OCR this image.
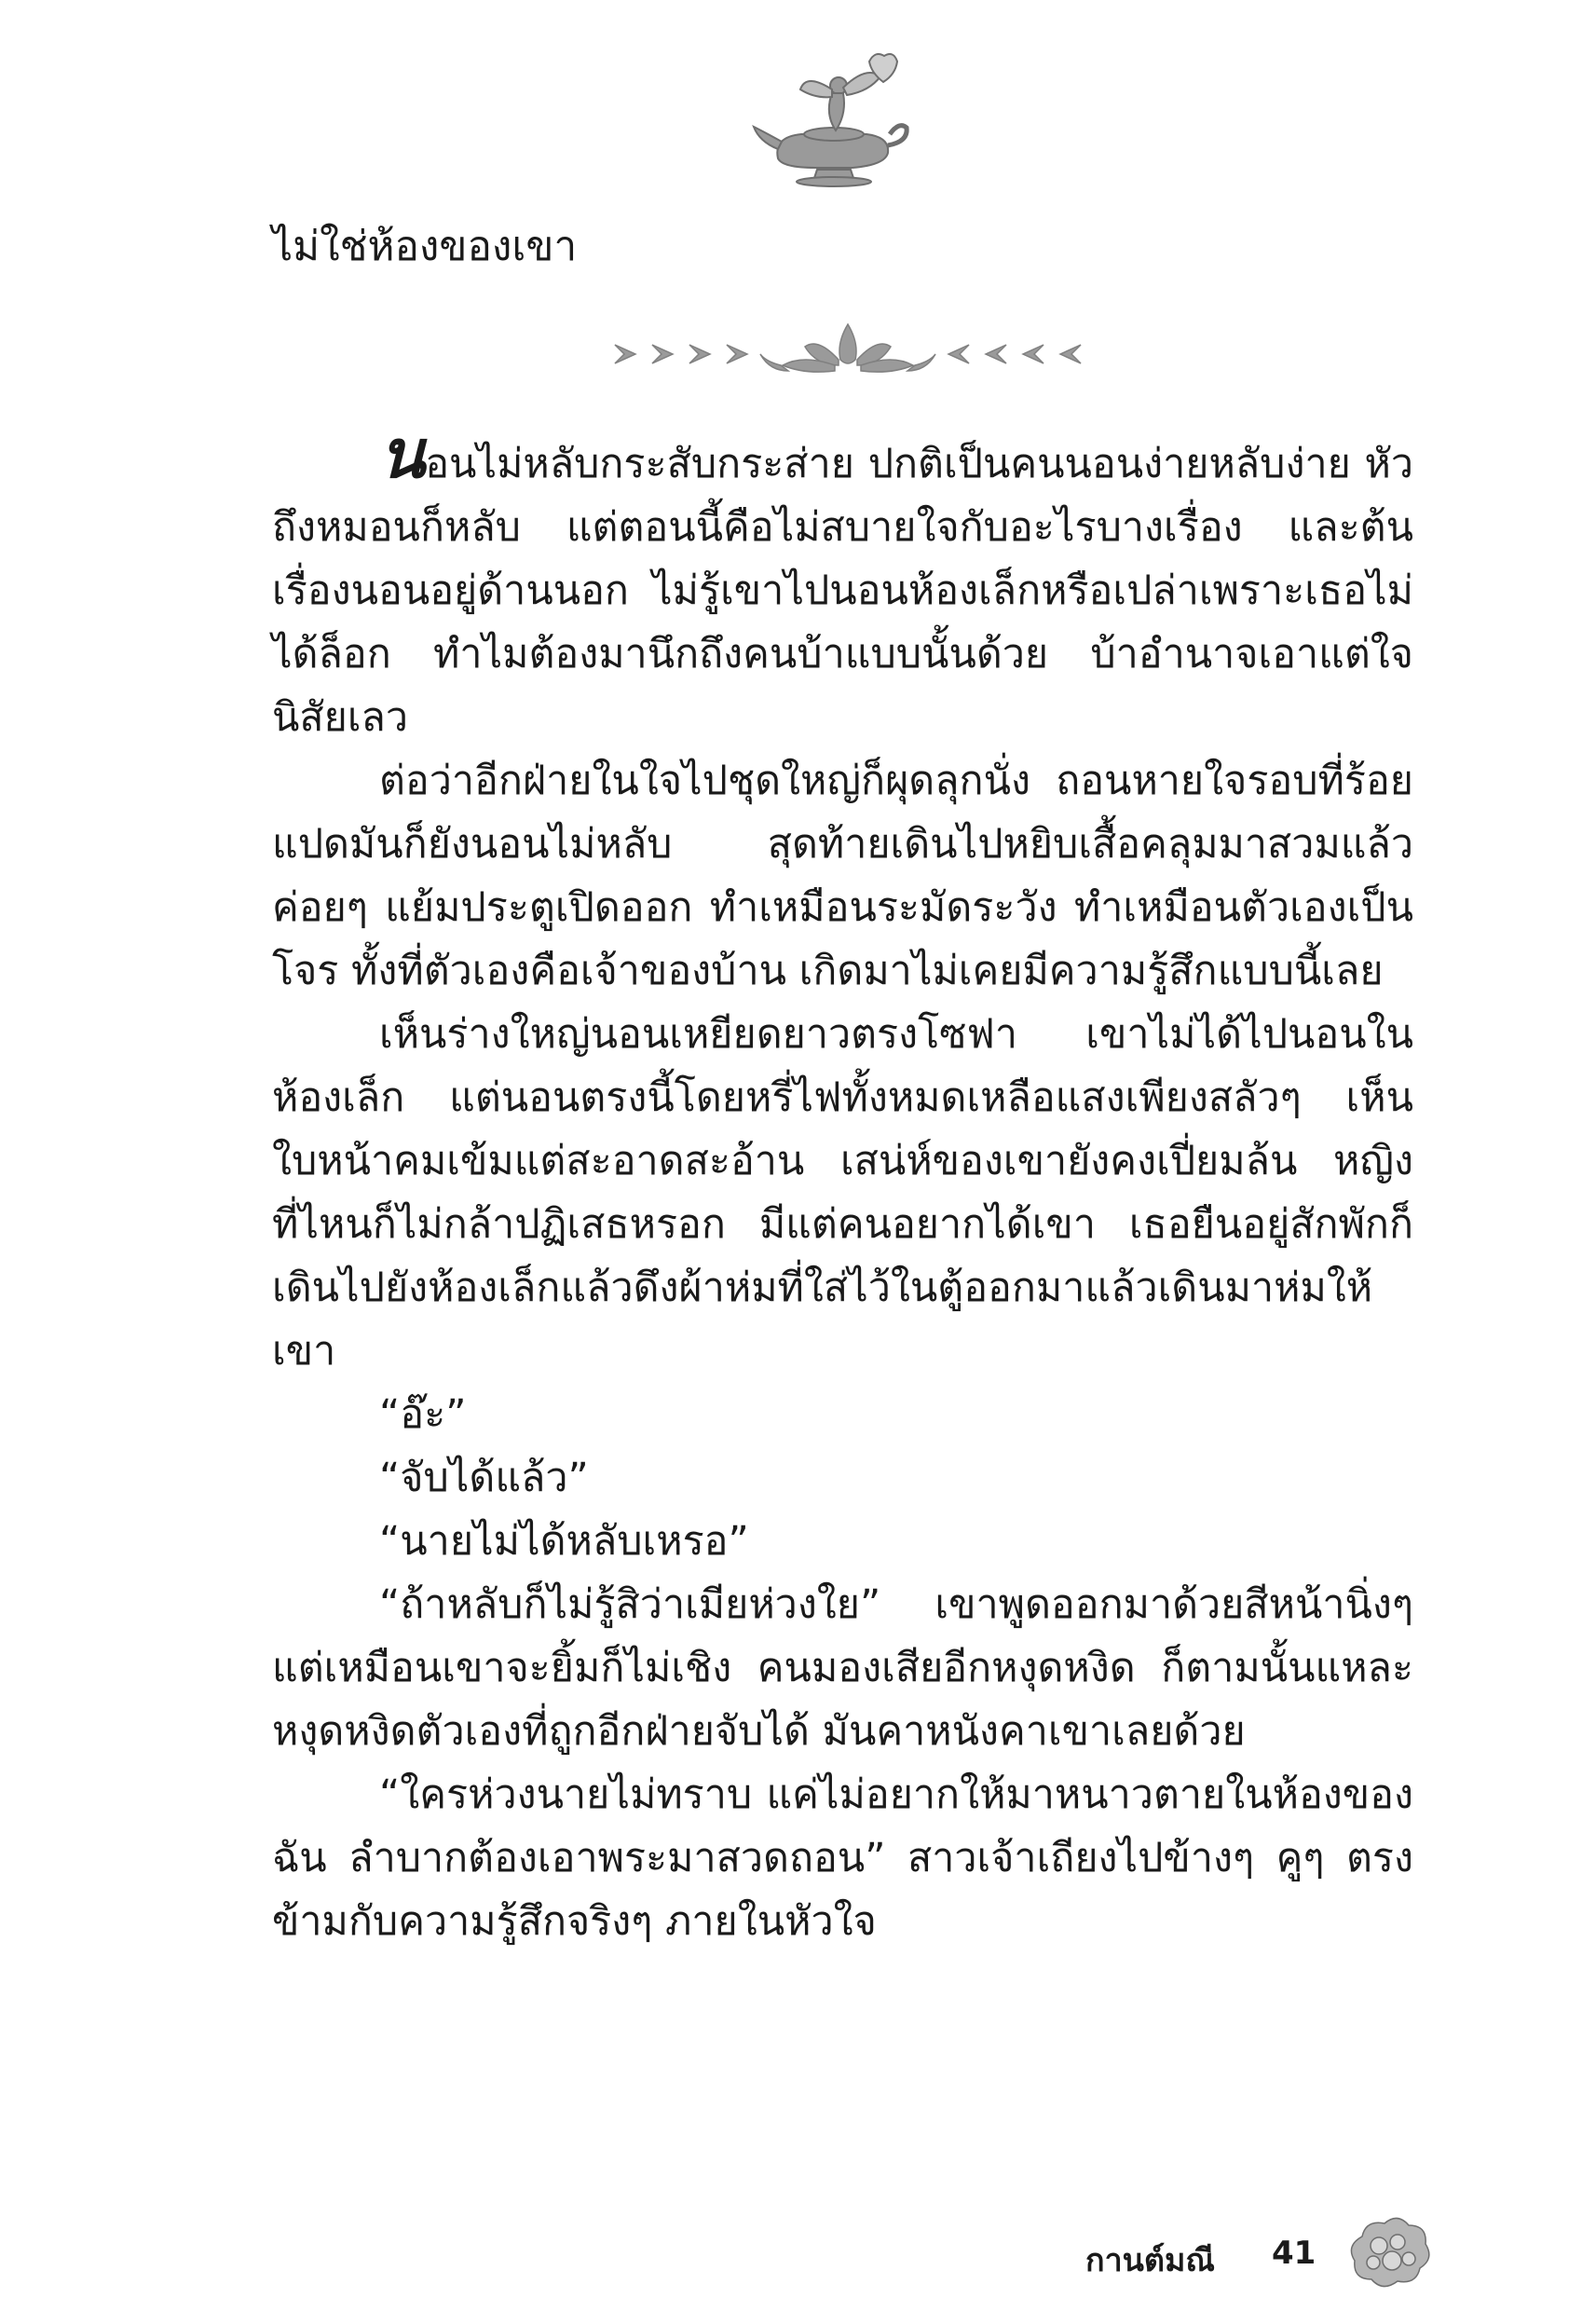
ไม่ใช่ห้องของเขา

นอนไม่หลับกระสับกระส่าย ปกติเป็นคนนอนง่ายหลับง่าย หัวถึงหมอนก็หลับ แต่ตอนนี้คือไม่สบายใจกับอะไรบางเรื่อง และต้นเรื่องนอนอยู่ด้านนอก ไม่รู้เขาไปนอนห้องเล็กหรือเปล่าเพราะเธอไม่ได้ล็อก ทำไมต้องมานึกถึงคนบ้าแบบนั้นด้วย บ้าอำนาจเอาแต่ใจนิสัยเลว

ต่อว่าอีกฝ่ายในใจไปชุดใหญ่ก็ผุดลุกนั่ง ถอนหายใจรอบที่ร้อยแปดมันก็ยังนอนไม่หลับ สุดท้ายเดินไปหยิบเสื้อคลุมมาสวมแล้วค่อยๆ แย้มประตูเปิดออก ทำเหมือนระมัดระวัง ทำเหมือนตัวเองเป็นโจร ทั้งที่ตัวเองคือเจ้าของบ้าน เกิดมาไม่เคยมีความรู้สึกแบบนี้เลย

เห็นร่างใหญ่นอนเหยียดยาวตรงโซฟา เขาไม่ได้ไปนอนในห้องเล็ก แต่นอนตรงนี้โดยหรี่ไฟทั้งหมดเหลือแสงเพียงสลัวๆ เห็นใบหน้าคมเข้มแต่สะอาดสะอ้าน เสน่ห์ของเขายังคงเปี่ยมล้น หญิงที่ไหนก็ไม่กล้าปฏิเสธหรอก มีแต่คนอยากได้เขา เธอยืนอยู่สักพักก็เดินไปยังห้องเล็กแล้วดึงผ้าห่มที่ใส่ไว้ในตู้ออกมาแล้วเดินมาห่มให้เขา

“อ๊ะ”

“จับได้แล้ว”

“นายไม่ได้หลับเหรอ”

“ถ้าหลับก็ไม่รู้สิว่าเมียห่วงใย” เขาพูดออกมาด้วยสีหน้านิ่งๆ แต่เหมือนเขาจะยิ้มก็ไม่เชิง คนมองเสียอีกหงุดหงิด ก็ตามนั้นแหละ หงุดหงิดตัวเองที่ถูกอีกฝ่ายจับได้ มันคาหนังคาเขาเลยด้วย

“ใครห่วงนายไม่ทราบ แค่ไม่อยากให้มาหนาวตายในห้องของฉัน ลำบากต้องเอาพระมาสวดถอน” สาวเจ้าเถียงไปข้างๆ คูๆ ตรงข้ามกับความรู้สึกจริงๆ ภายในหัวใจ

กานต์มณี 41
